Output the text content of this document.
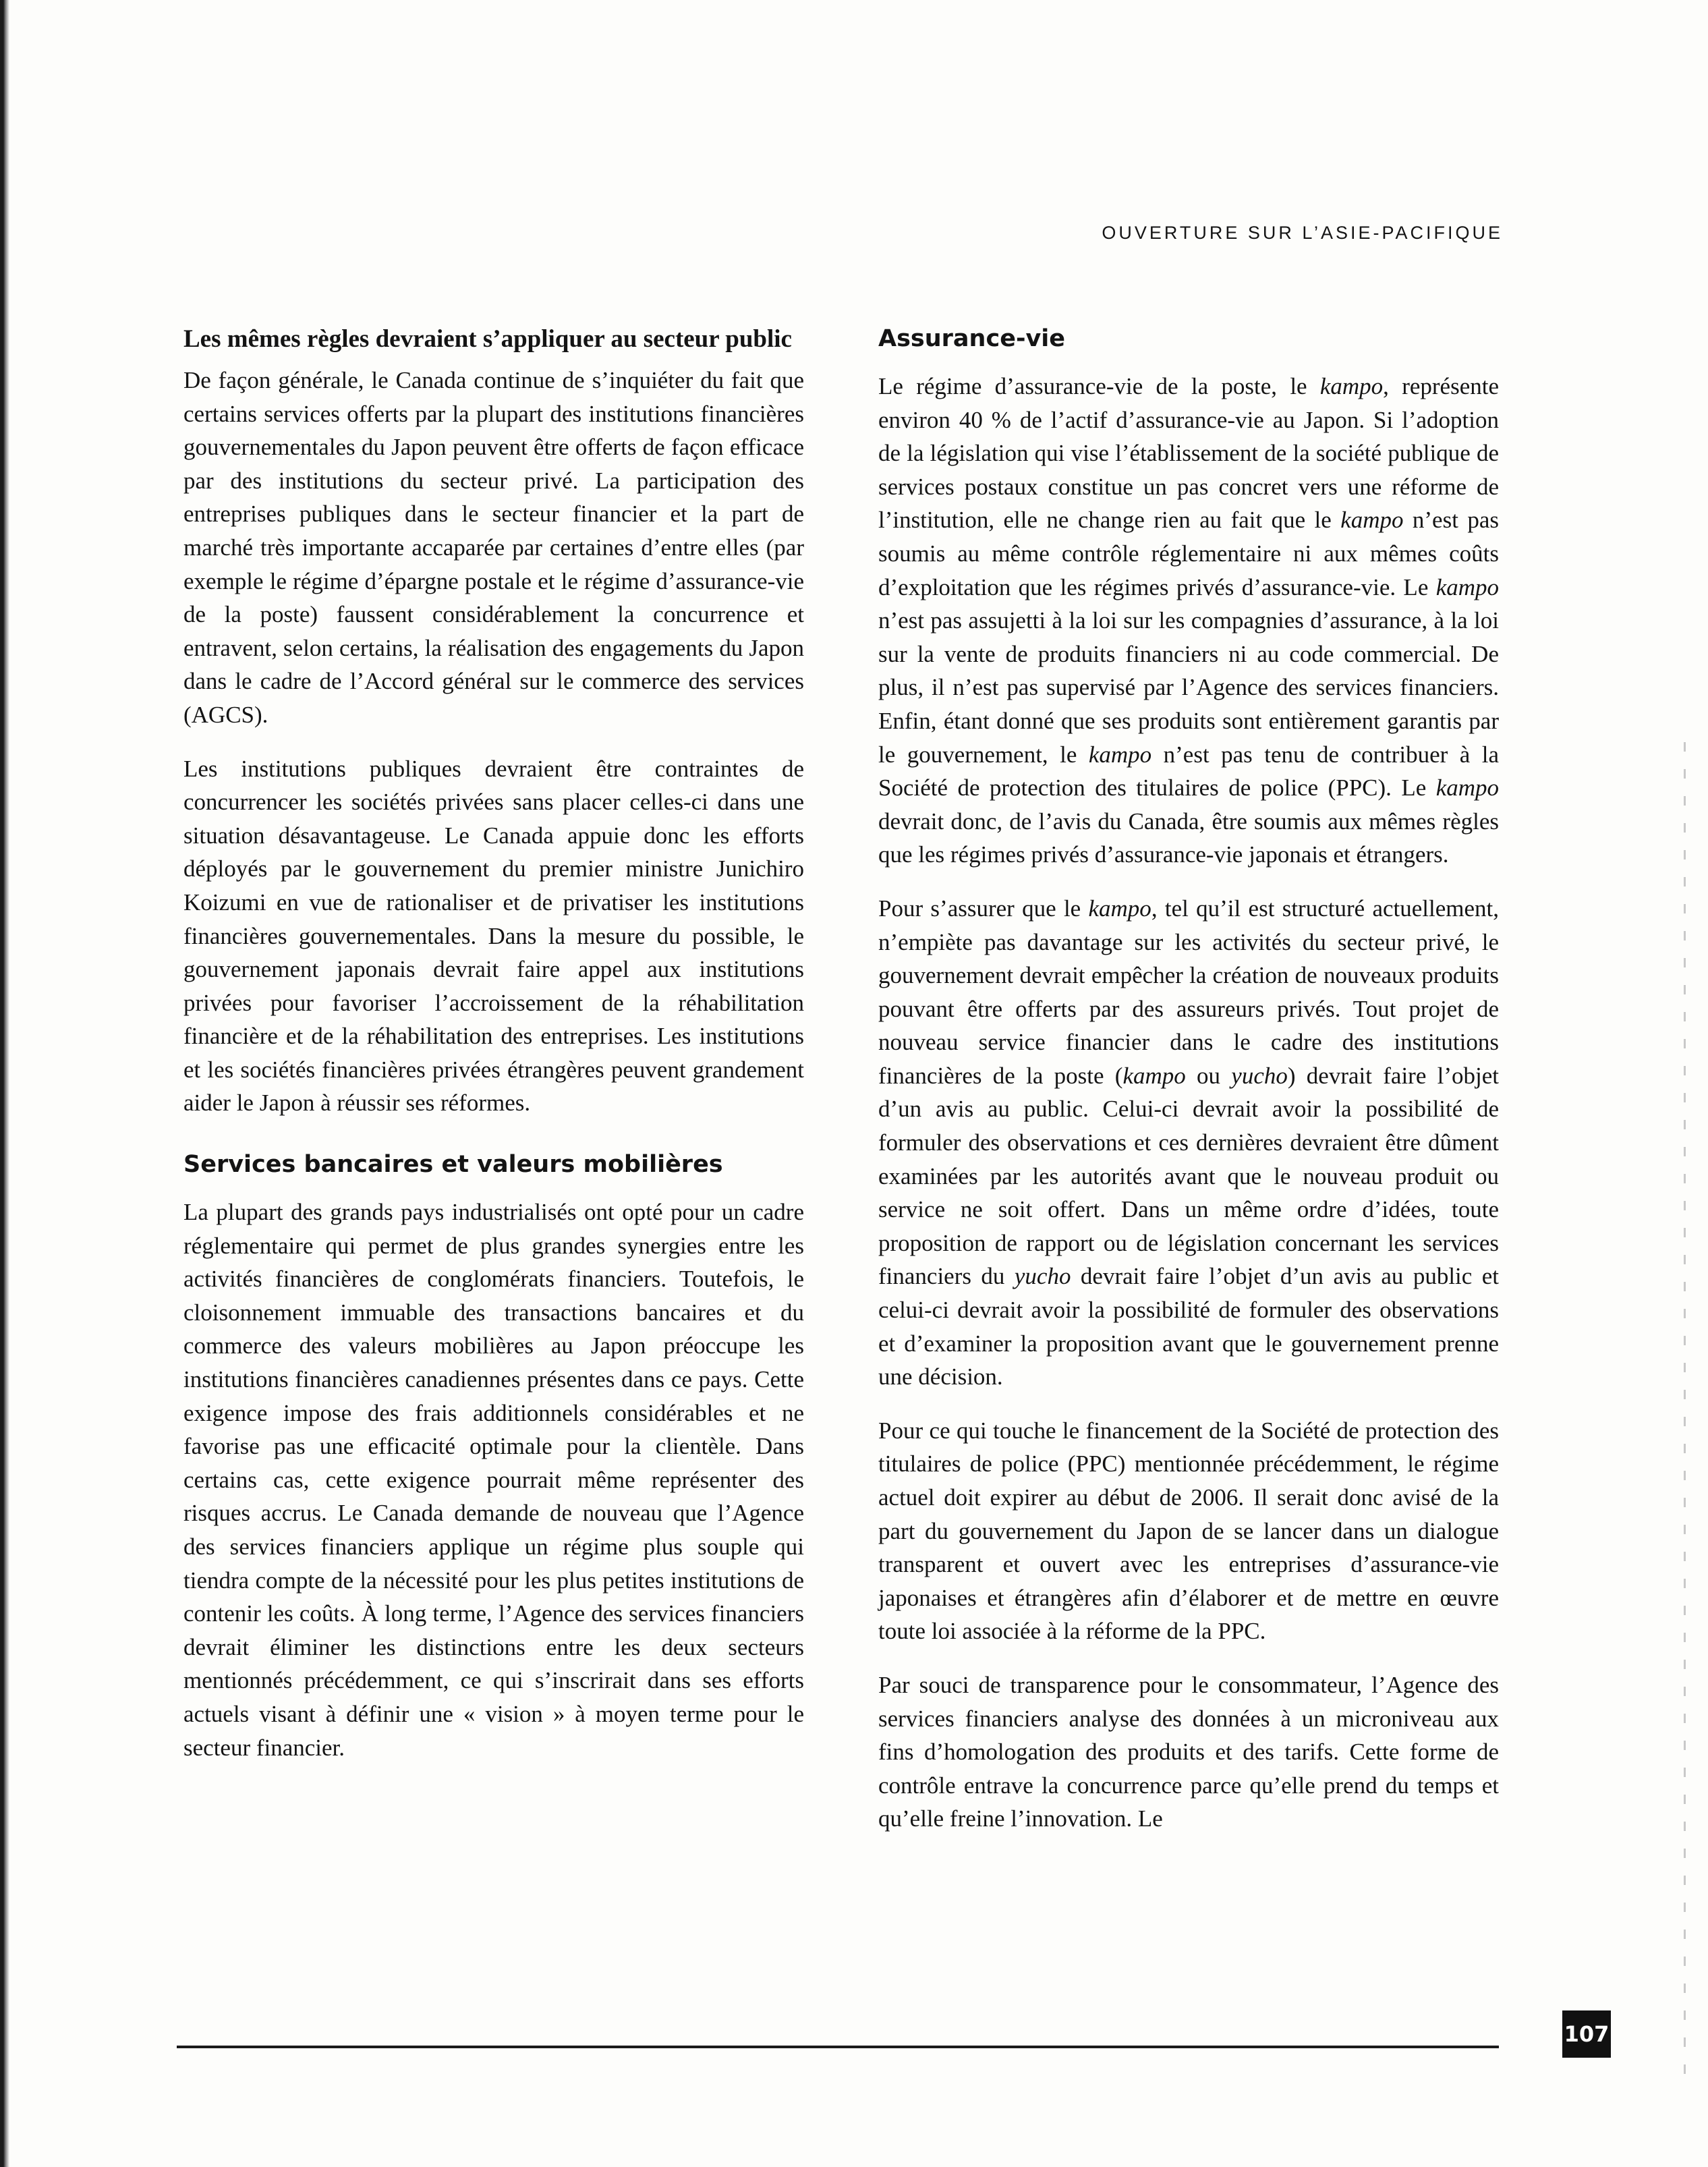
OUVERTURE SUR L’ASIE-PACIFIQUE
Les mêmes règles devraient s’appliquer au secteur public

De façon générale, le Canada continue de s’inquiéter du fait que certains services offerts par la plupart des institutions financières gouvernementales du Japon peuvent être offerts de façon efficace par des institutions du secteur privé. La participation des entreprises publiques dans le secteur financier et la part de marché très importante accaparée par certaines d’entre elles (par exemple le régime d’épargne postale et le régime d’assurance-vie de la poste) faussent considérablement la concurrence et entravent, selon certains, la réalisation des engagements du Japon dans le cadre de l’Accord général sur le commerce des services (AGCS).

Les institutions publiques devraient être contraintes de concurrencer les sociétés privées sans placer celles-ci dans une situation désavantageuse. Le Canada appuie donc les efforts déployés par le gouvernement du premier ministre Junichiro Koizumi en vue de rationaliser et de privatiser les institutions financières gouvernementales. Dans la mesure du possible, le gouvernement japonais devrait faire appel aux institutions privées pour favoriser l’accroissement de la réhabilitation financière et de la réhabilitation des entreprises. Les institutions et les sociétés financières privées étrangères peuvent grandement aider le Japon à réussir ses réformes.

Services bancaires et valeurs mobilières

La plupart des grands pays industrialisés ont opté pour un cadre réglementaire qui permet de plus grandes synergies entre les activités financières de conglomérats financiers. Toutefois, le cloisonnement immuable des transactions bancaires et du commerce des valeurs mobilières au Japon préoccupe les institutions financières canadiennes présentes dans ce pays. Cette exigence impose des frais additionnels considérables et ne favorise pas une efficacité optimale pour la clientèle. Dans certains cas, cette exigence pourrait même représenter des risques accrus. Le Canada demande de nouveau que l’Agence des services financiers applique un régime plus souple qui tiendra compte de la nécessité pour les plus petites institutions de contenir les coûts. À long terme, l’Agence des services financiers devrait éliminer les distinctions entre les deux secteurs mentionnés précédemment, ce qui s’inscrirait dans ses efforts actuels visant à définir une « vision » à moyen terme pour le secteur financier.

Assurance-vie

Le régime d’assurance-vie de la poste, le kampo, représente environ 40 % de l’actif d’assurance-vie au Japon. Si l’adoption de la législation qui vise l’établissement de la société publique de services postaux constitue un pas concret vers une réforme de l’institution, elle ne change rien au fait que le kampo n’est pas soumis au même contrôle réglementaire ni aux mêmes coûts d’exploitation que les régimes privés d’assurance-vie. Le kampo n’est pas assujetti à la loi sur les compagnies d’assurance, à la loi sur la vente de produits financiers ni au code commercial. De plus, il n’est pas supervisé par l’Agence des services financiers. Enfin, étant donné que ses produits sont entièrement garantis par le gouvernement, le kampo n’est pas tenu de contribuer à la Société de protection des titulaires de police (PPC). Le kampo devrait donc, de l’avis du Canada, être soumis aux mêmes règles que les régimes privés d’assurance-vie japonais et étrangers.

Pour s’assurer que le kampo, tel qu’il est structuré actuellement, n’empiète pas davantage sur les activités du secteur privé, le gouvernement devrait empêcher la création de nouveaux produits pouvant être offerts par des assureurs privés. Tout projet de nouveau service financier dans le cadre des institutions financières de la poste (kampo ou yucho) devrait faire l’objet d’un avis au public. Celui-ci devrait avoir la possibilité de formuler des observations et ces dernières devraient être dûment examinées par les autorités avant que le nouveau produit ou service ne soit offert. Dans un même ordre d’idées, toute proposition de rapport ou de législation concernant les services financiers du yucho devrait faire l’objet d’un avis au public et celui-ci devrait avoir la possibilité de formuler des observations et d’examiner la proposition avant que le gouvernement prenne une décision.

Pour ce qui touche le financement de la Société de protection des titulaires de police (PPC) mentionnée précédemment, le régime actuel doit expirer au début de 2006. Il serait donc avisé de la part du gouvernement du Japon de se lancer dans un dialogue transparent et ouvert avec les entreprises d’assurance-vie japonaises et étrangères afin d’élaborer et de mettre en œuvre toute loi associée à la réforme de la PPC.

Par souci de transparence pour le consommateur, l’Agence des services financiers analyse des données à un microniveau aux fins d’homologation des produits et des tarifs. Cette forme de contrôle entrave la concurrence parce qu’elle prend du temps et qu’elle freine l’innovation. Le

107
